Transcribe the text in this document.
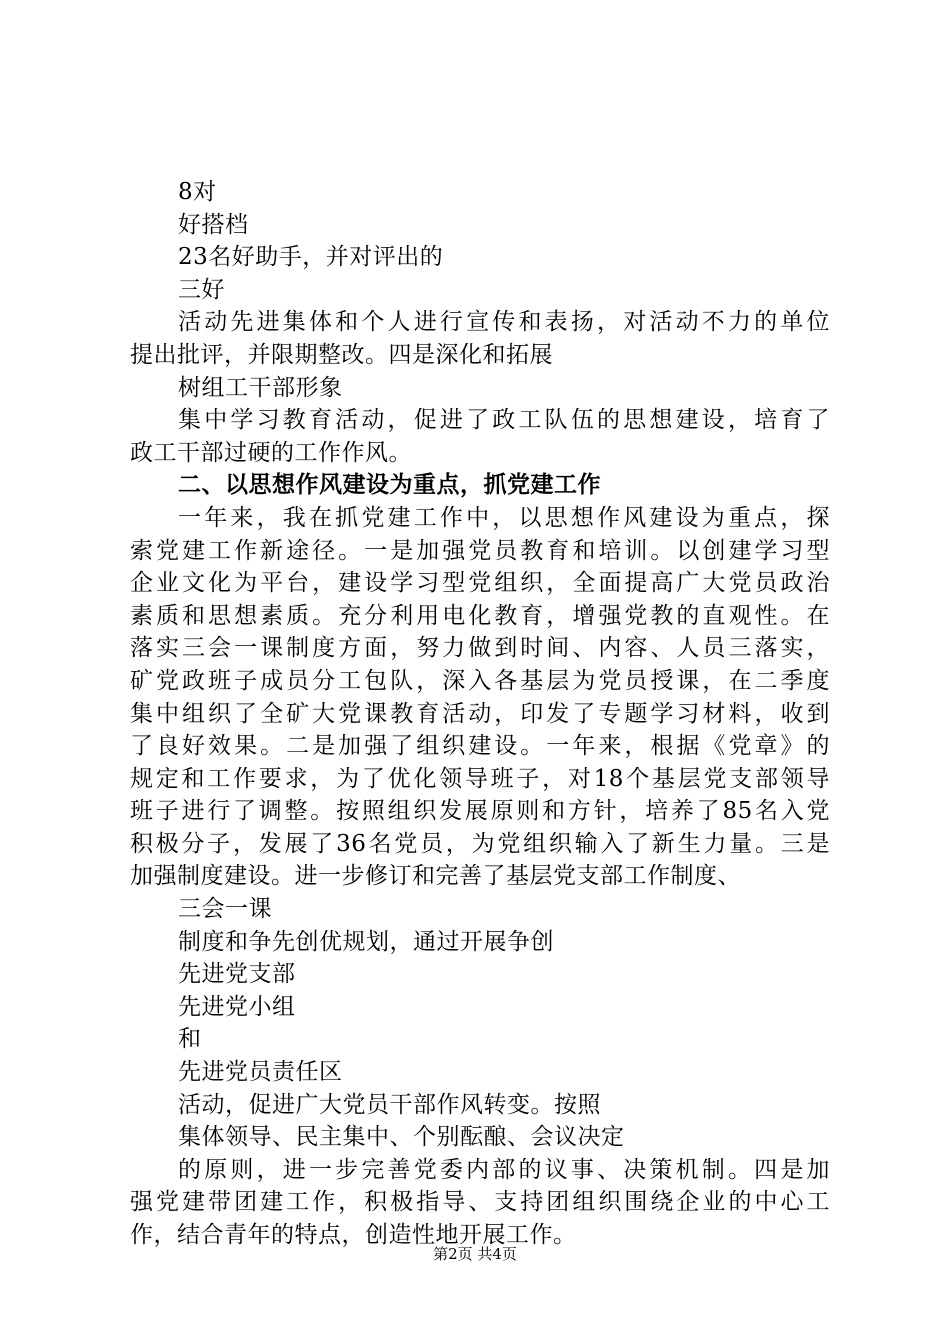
8对
好搭档
23名好助手，并对评出的
三好
活动先进集体和个人进行宣传和表扬，对活动不力的单位
提出批评，并限期整改。四是深化和拓展
树组工干部形象
集中学习教育活动，促进了政工队伍的思想建设，培育了
政工干部过硬的工作作风。
二、以思想作风建设为重点，抓党建工作
一年来，我在抓党建工作中，以思想作风建设为重点，探
索党建工作新途径。一是加强党员教育和培训。以创建学习型
企业文化为平台，建设学习型党组织，全面提高广大党员政治
素质和思想素质。充分利用电化教育，增强党教的直观性。在
落实三会一课制度方面，努力做到时间、内容、人员三落实，
矿党政班子成员分工包队，深入各基层为党员授课，在二季度
集中组织了全矿大党课教育活动，印发了专题学习材料，收到
了良好效果。二是加强了组织建设。一年来，根据《党章》的
规定和工作要求，为了优化领导班子，对18个基层党支部领导
班子进行了调整。按照组织发展原则和方针，培养了85名入党
积极分子，发展了36名党员，为党组织输入了新生力量。三是
加强制度建设。进一步修订和完善了基层党支部工作制度、
三会一课
制度和争先创优规划，通过开展争创
先进党支部
先进党小组
和
先进党员责任区
活动，促进广大党员干部作风转变。按照
集体领导、民主集中、个别酝酿、会议决定
的原则，进一步完善党委内部的议事、决策机制。四是加
强党建带团建工作，积极指导、支持团组织围绕企业的中心工
作，结合青年的特点，创造性地开展工作。
第2页 共4页
